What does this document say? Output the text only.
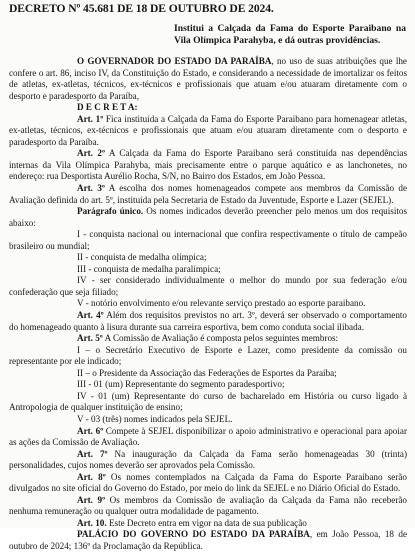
DECRETO Nº 45.681 DE 18 DE OUTUBRO DE 2024.
Institui a Calçada da Fama do Esporte Paraibano na Vila Olímpica Parahyba, e dá outras providências.

O GOVERNADOR DO ESTADO DA PARAÍBA, no uso de suas atribuições que lhe confere o art. 86, inciso IV, da Constituição do Estado, e considerando a necessidade de imortalizar os feitos de atletas, ex-atletas, técnicos, ex-técnicos e profissionais que atuam e/ou atuaram diretamente com o desporto e paradesporto da Paraíba,

D E C R E T A:

Art. 1º Fica instituída a Calçada da Fama do Esporte Paraibano para homenagear atletas, ex-atletas, técnicos, ex-técnicos e profissionais que atuam e/ou atuaram diretamente com o desporto e paradesporto da Paraíba.

Art. 2º A Calçada da Fama do Esporte Paraibano será constituída nas dependências internas da Vila Olímpica Parahyba, mais precisamente entre o parque aquático e as lanchonetes, no endereço: rua Desportista Aurélio Rocha, S/N, no Bairro dos Estados, em João Pessoa.

Art. 3º A escolha dos nomes homenageados compete aos membros da Comissão de Avaliação definida do art. 5º, instituída pela Secretaria de Estado da Juventude, Esporte e Lazer (SEJEL).

Parágrafo único. Os nomes indicados deverão preencher pelo menos um dos requisitos abaixo:

I - conquista nacional ou internacional que confira respectivamente o título de campeão brasileiro ou mundial;

II - conquista de medalha olímpica;

III - conquista de medalha paralímpica;

IV - ser considerado individualmente o melhor do mundo por sua federação e/ou confederação que seja filiado;

V - notório envolvimento e/ou relevante serviço prestado ao esporte paraibano.

Art. 4º Além dos requisitos previstos no art. 3º, deverá ser observado o comportamento do homenageado quanto à lisura durante sua carreira esportiva, bem como conduta social ilibada.

Art. 5º A Comissão de Avaliação é composta pelos seguintes membros:

I – o Secretário Executivo de Esporte e Lazer, como presidente da comissão ou representante por ele indicado;

II – o Presidente da Associação das Federações de Esportes da Paraíba;

III - 01 (um) Representante do segmento paradesportivo;

IV - 01 (um) Representante do curso de bacharelado em História ou curso ligado à Antropologia de qualquer instituição de ensino;

V - 03 (três) nomes indicados pela SEJEL.

Art. 6º Compete à SEJEL disponibilizar o apoio administrativo e operacional para apoiar as ações da Comissão de Avaliação.

Art. 7º Na inauguração da Calçada da Fama serão homenageadas 30 (trinta) personalidades, cujos nomes deverão ser aprovados pela Comissão.

Art. 8º Os nomes contemplados na Calçada da Fama do Esporte Paraibano serão divulgados no site oficial do Governo do Estado, por meio do link da SEJEL e no Diário Oficial do Estado.

Art. 9º Os membros da Comissão de avaliação da Calçada da Fama não receberão nenhuma remuneração ou qualquer outra modalidade de pagamento.

Art. 10. Este Decreto entra em vigor na data de sua publicação

PALÁCIO DO GOVERNO DO ESTADO DA PARAÍBA, em João Pessoa, 18 de outubro de 2024; 136º da Proclamação da República.
